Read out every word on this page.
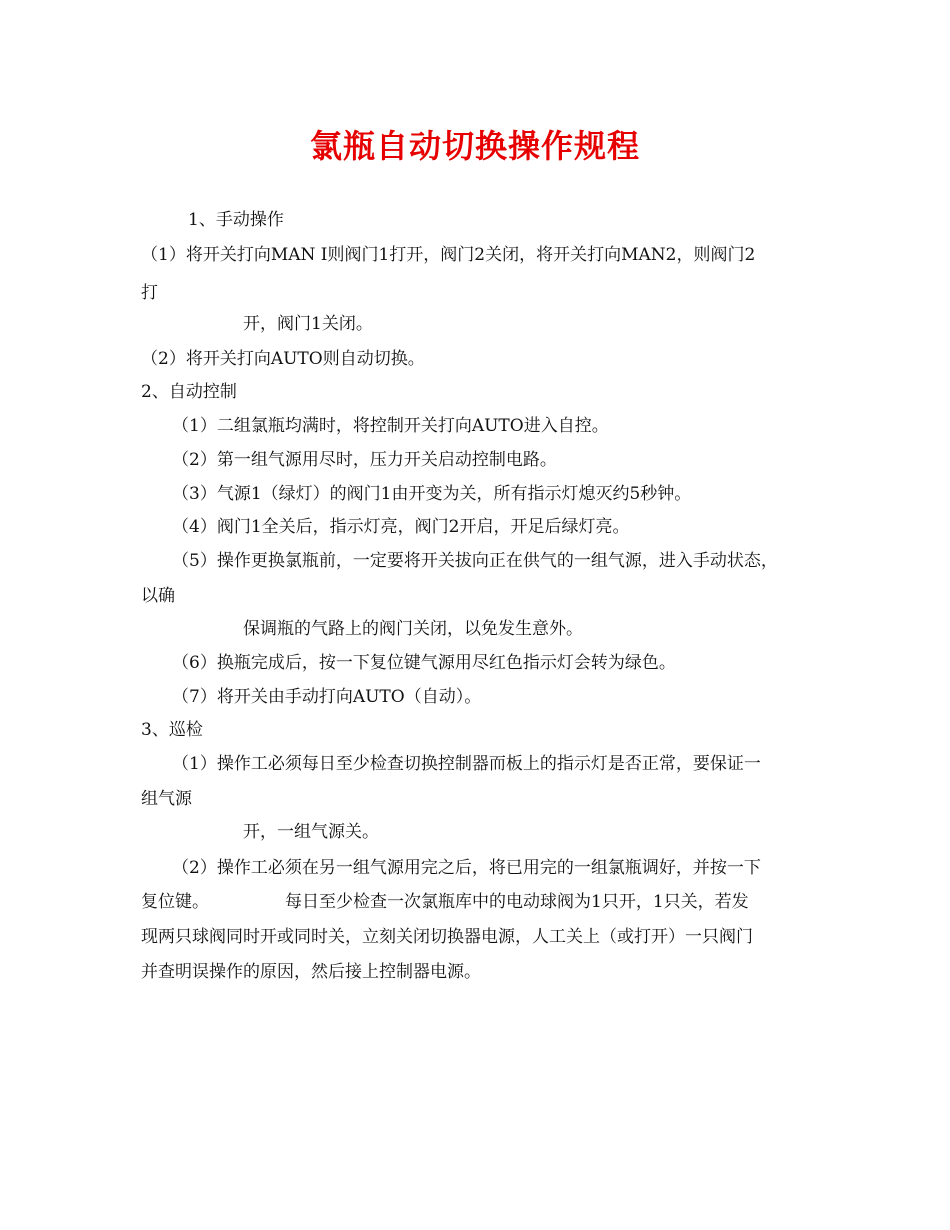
氯瓶自动切换操作规程

1、手动操作

（1）将开关打向MAN I则阀门1打开，阀门2关闭，将开关打向MAN2，则阀门2

打

开，阀门1关闭。

（2）将开关打向AUTO则自动切换。

2、自动控制

（1）二组氯瓶均满时，将控制开关打向AUTO进入自控。

（2）第一组气源用尽时，压力开关启动控制电路。

（3）气源1（绿灯）的阀门1由开变为关，所有指示灯熄灭约5秒钟。

（4）阀门1全关后，指示灯亮，阀门2开启，开足后绿灯亮。

（5）操作更换氯瓶前，一定要将开关拔向正在供气的一组气源，进入手动状态，

以确

保调瓶的气路上的阀门关闭，以免发生意外。

（6）换瓶完成后，按一下复位键气源用尽红色指示灯会转为绿色。

（7）将开关由手动打向AUTO（自动）。

3、巡检

（1）操作工必须每日至少检查切换控制器而板上的指示灯是否正常，要保证一

组气源

开，一组气源关。

（2）操作工必须在另一组气源用完之后，将已用完的一组氯瓶调好，并按一下

复位键。	每日至少检查一次氯瓶库中的电动球阀为1只开，1只关，若发

现两只球阀同时开或同时关，立刻关闭切换器电源，人工关上（或打开）一只阀门

并查明误操作的原因，然后接上控制器电源。
